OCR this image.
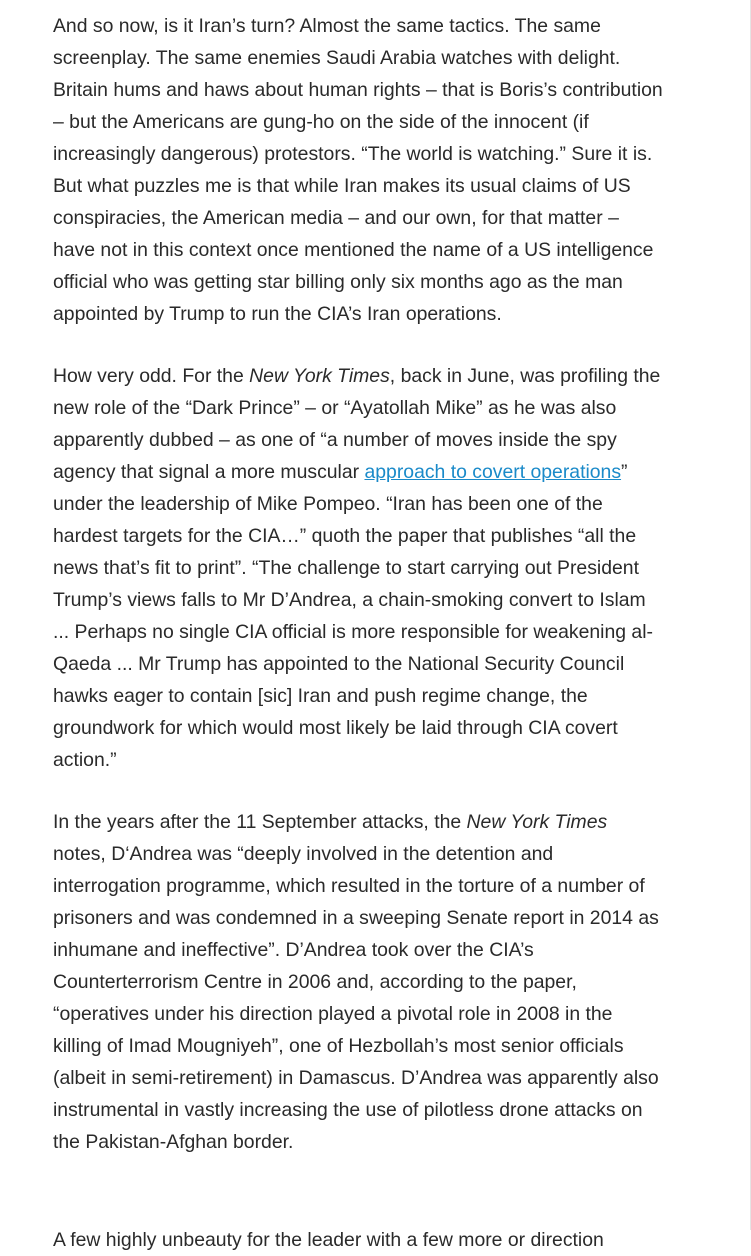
And so now, is it Iran’s turn? Almost the same tactics. The same screenplay. The same enemies Saudi Arabia watches with delight. Britain hums and haws about human rights – that is Boris’s contribution – but the Americans are gung-ho on the side of the innocent (if increasingly dangerous) protestors. “The world is watching.” Sure it is. But what puzzles me is that while Iran makes its usual claims of US conspiracies, the American media – and our own, for that matter – have not in this context once mentioned the name of a US intelligence official who was getting star billing only six months ago as the man appointed by Trump to run the CIA’s Iran operations.

How very odd. For the New York Times, back in June, was profiling the new role of the “Dark Prince” – or “Ayatollah Mike” as he was also apparently dubbed – as one of “a number of moves inside the spy agency that signal a more muscular approach to covert operations” under the leadership of Mike Pompeo. “Iran has been one of the hardest targets for the CIA…” quoth the paper that publishes “all the news that’s fit to print”. “The challenge to start carrying out President Trump’s views falls to Mr D’Andrea, a chain-smoking convert to Islam ... Perhaps no single CIA official is more responsible for weakening al-Qaeda ... Mr Trump has appointed to the National Security Council hawks eager to contain [sic] Iran and push regime change, the groundwork for which would most likely be laid through CIA covert action.”

In the years after the 11 September attacks, the New York Times notes, D‘Andrea was “deeply involved in the detention and interrogation programme, which resulted in the torture of a number of prisoners and was condemned in a sweeping Senate report in 2014 as inhumane and ineffective”. D’Andrea took over the CIA’s Counterterrorism Centre in 2006 and, according to the paper, “operatives under his direction played a pivotal role in 2008 in the killing of Imad Mougniyeh”, one of Hezbollah’s most senior officials (albeit in semi-retirement) in Damascus. D’Andrea was apparently also instrumental in vastly increasing the use of pilotless drone attacks on the Pakistan-Afghan border.

A few highly unbeauty for the leader with a few more or direction
